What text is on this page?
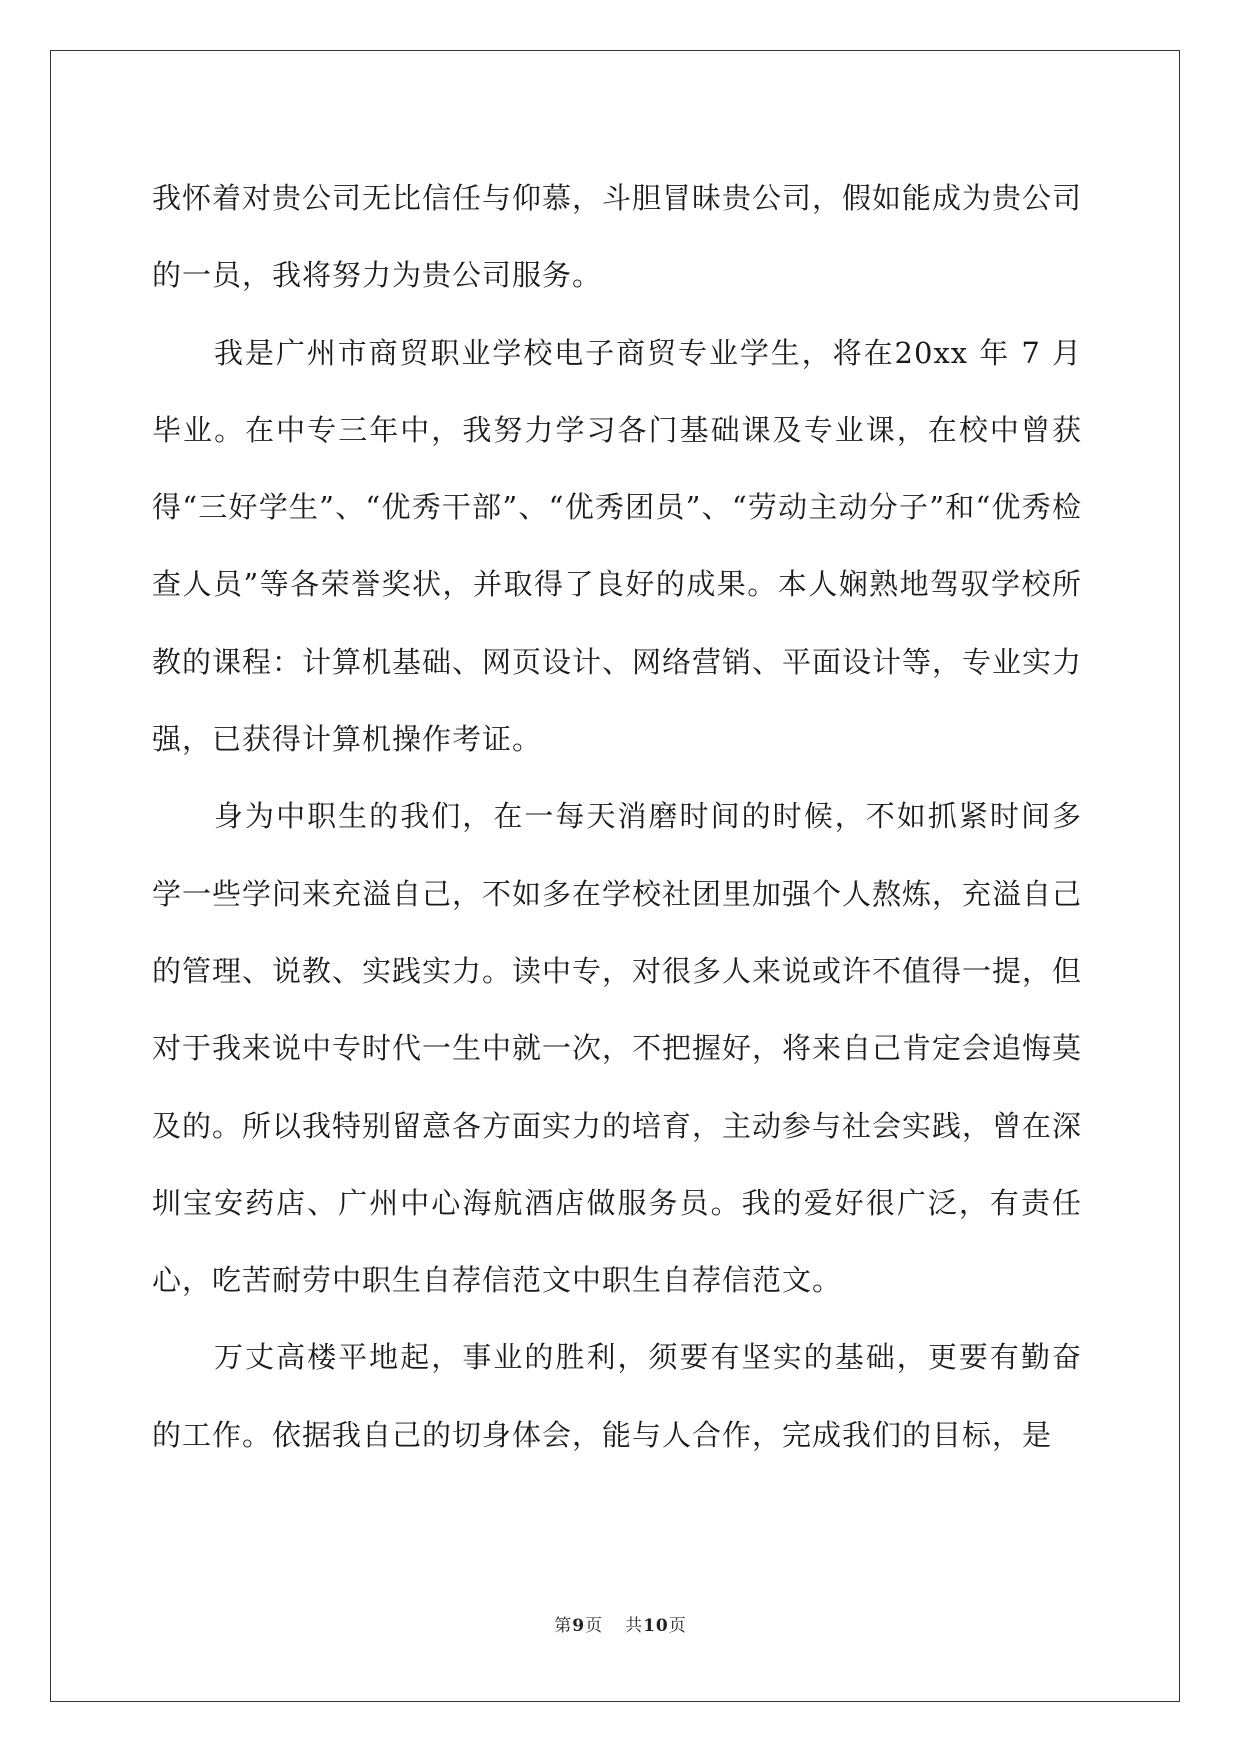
我怀着对贵公司无比信任与仰慕，斗胆冒昧贵公司，假如能成为贵公司的一员，我将努力为贵公司服务。

我是广州市商贸职业学校电子商贸专业学生，将在20xx 年 7 月毕业。在中专三年中，我努力学习各门基础课及专业课，在校中曾获得“三好学生”、“优秀干部”、“优秀团员”、“劳动主动分子”和“优秀检查人员”等各荣誉奖状，并取得了良好的成果。本人娴熟地驾驭学校所教的课程：计算机基础、网页设计、网络营销、平面设计等，专业实力强，已获得计算机操作考证。

身为中职生的我们，在一每天消磨时间的时候，不如抓紧时间多学一些学问来充溢自己，不如多在学校社团里加强个人熬炼，充溢自己的管理、说教、实践实力。读中专，对很多人来说或许不值得一提，但对于我来说中专时代一生中就一次，不把握好，将来自己肯定会追悔莫及的。所以我特别留意各方面实力的培育，主动参与社会实践，曾在深圳宝安药店、广州中心海航酒店做服务员。我的爱好很广泛，有责任心，吃苦耐劳中职生自荐信范文中职生自荐信范文。

万丈高楼平地起，事业的胜利，须要有坚实的基础，更要有勤奋的工作。依据我自己的切身体会，能与人合作，完成我们的目标，是

第9页 共10页
